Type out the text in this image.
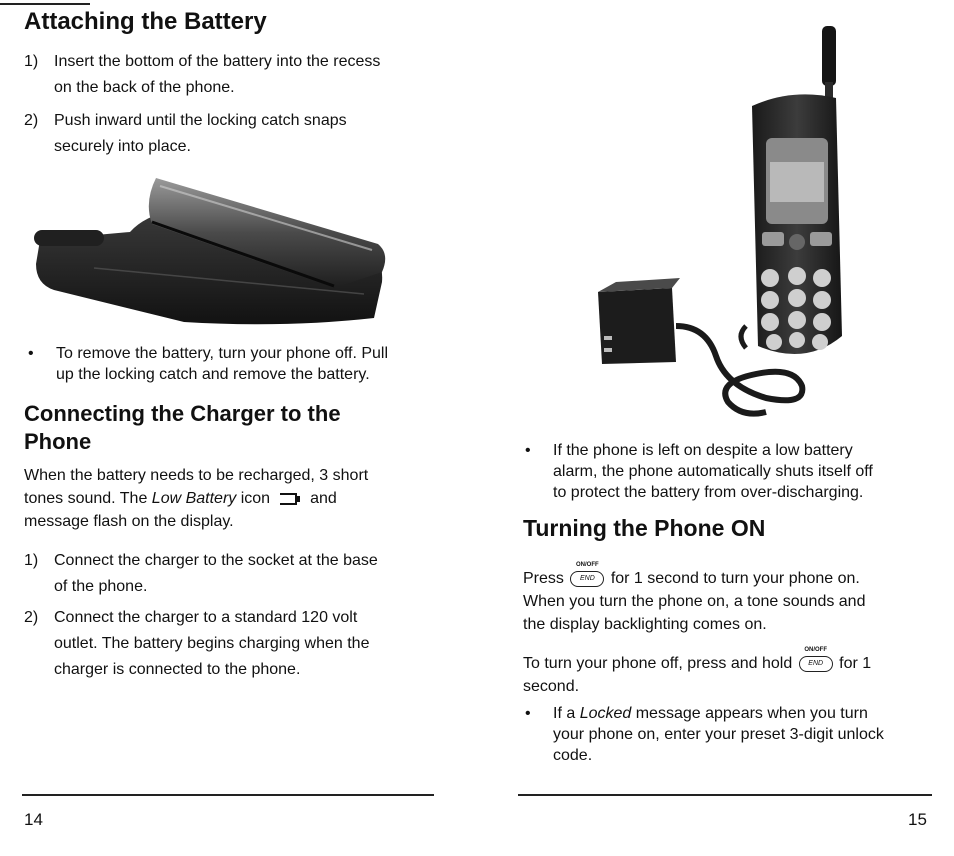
Attaching the Battery
1) Insert the bottom of the battery into the recess
on the back of the phone.
2) Push inward until the locking catch snaps
securely into place.
• To remove the battery, turn your phone off. Pull
up the locking catch and remove the battery.
Connecting the Charger to the
Phone
When the battery needs to be recharged, 3 short
tones sound. The Low Battery icon	and
message flash on the display.
1) Connect the charger to the socket at the base
of the phone.
2) Connect the charger to a standard 120 volt
outlet. The battery begins charging when the
charger is connected to the phone.
14
• If the phone is left on despite a low battery
alarm, the phone automatically shuts itself off
to protect the battery from over-discharging.
Turning the Phone ON
Press
ON/OFF
END for 1 second to turn your phone on.
When you turn the phone on, a tone sounds and
the display backlighting comes on.
To turn your phone off, press and hold
ON/OFF
END for 1
second.
• If a Locked message appears when you turn
your phone on, enter your preset 3-digit unlock
code.
15
